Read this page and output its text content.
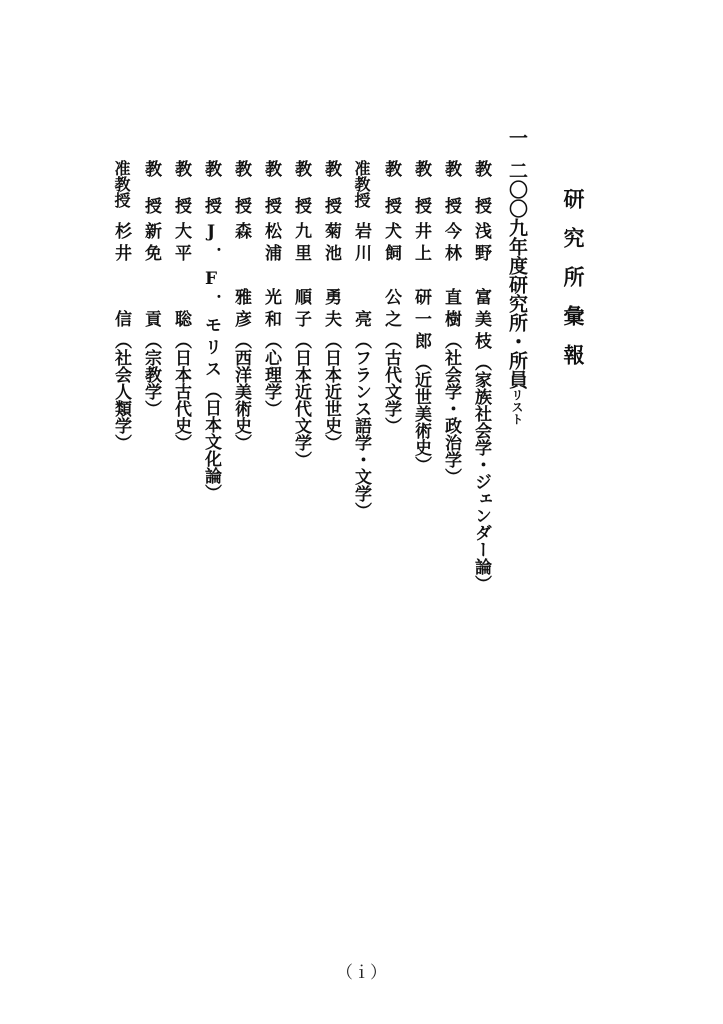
研究所彙報
一二〇〇九年度研究所・所員リスト
教授浅野　富美枝（家族社会学・ジェンダー論）
教授今林　直樹（社会学・政治学）
教授井上　研一郎（近世美術史）
教授犬飼　公之（古代文学）
准教授岩川　　亮（フランス語学・文学）
教授菊池　勇夫（日本近世史）
教授九里　順子（日本近代文学）
教授松浦　光和（心理学）
教授森　　雅彦（西洋美術史）
教授J．F．モリス（日本文化論）
教授大平　　聡（日本古代史）
教授新免　　貢（宗教学）
准教授杉井　　信（社会人類学）
（ｉ）
